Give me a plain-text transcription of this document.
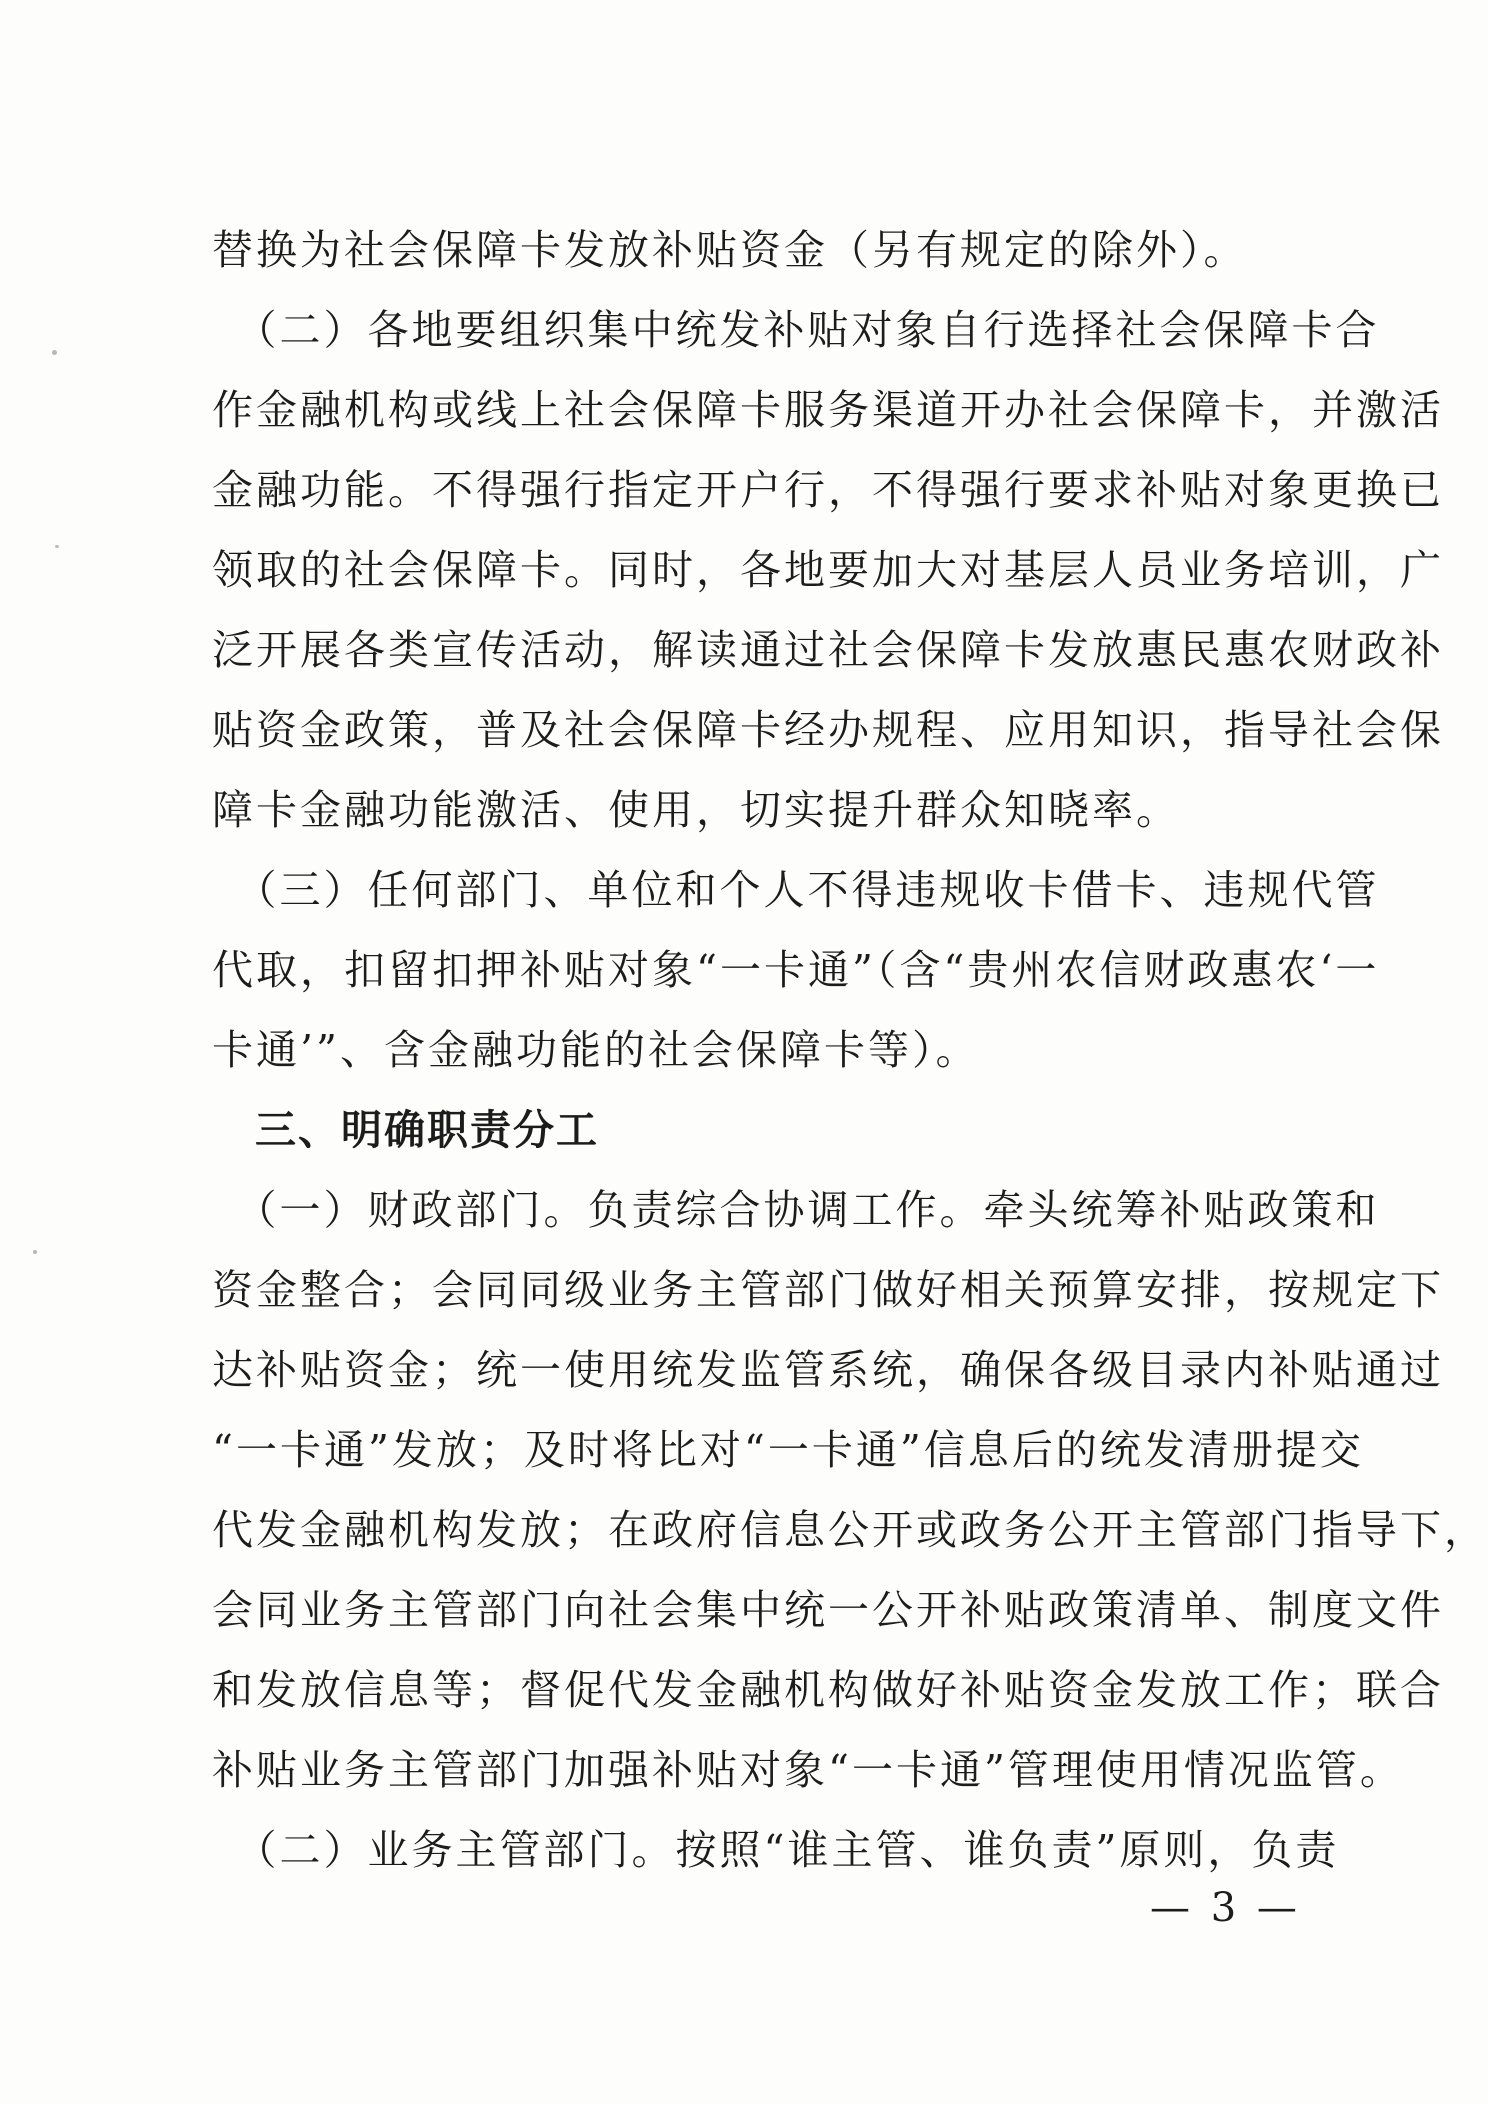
替换为社会保障卡发放补贴资金（另有规定的除外）。
　（二）各地要组织集中统发补贴对象自行选择社会保障卡合
作金融机构或线上社会保障卡服务渠道开办社会保障卡，并激活
金融功能。不得强行指定开户行，不得强行要求补贴对象更换已
领取的社会保障卡。同时，各地要加大对基层人员业务培训，广
泛开展各类宣传活动，解读通过社会保障卡发放惠民惠农财政补
贴资金政策，普及社会保障卡经办规程、应用知识，指导社会保
障卡金融功能激活、使用，切实提升群众知晓率。
　（三）任何部门、单位和个人不得违规收卡借卡、违规代管
代取，扣留扣押补贴对象“一卡通”（含“贵州农信财政惠农‘一
卡通’”、含金融功能的社会保障卡等）。
　三、明确职责分工
　（一）财政部门。负责综合协调工作。牵头统筹补贴政策和
资金整合；会同同级业务主管部门做好相关预算安排，按规定下
达补贴资金；统一使用统发监管系统，确保各级目录内补贴通过
“一卡通”发放；及时将比对“一卡通”信息后的统发清册提交
代发金融机构发放；在政府信息公开或政务公开主管部门指导下，
会同业务主管部门向社会集中统一公开补贴政策清单、制度文件
和发放信息等；督促代发金融机构做好补贴资金发放工作；联合
补贴业务主管部门加强补贴对象“一卡通”管理使用情况监管。
　（二）业务主管部门。按照“谁主管、谁负责”原则，负责
— 3 —
